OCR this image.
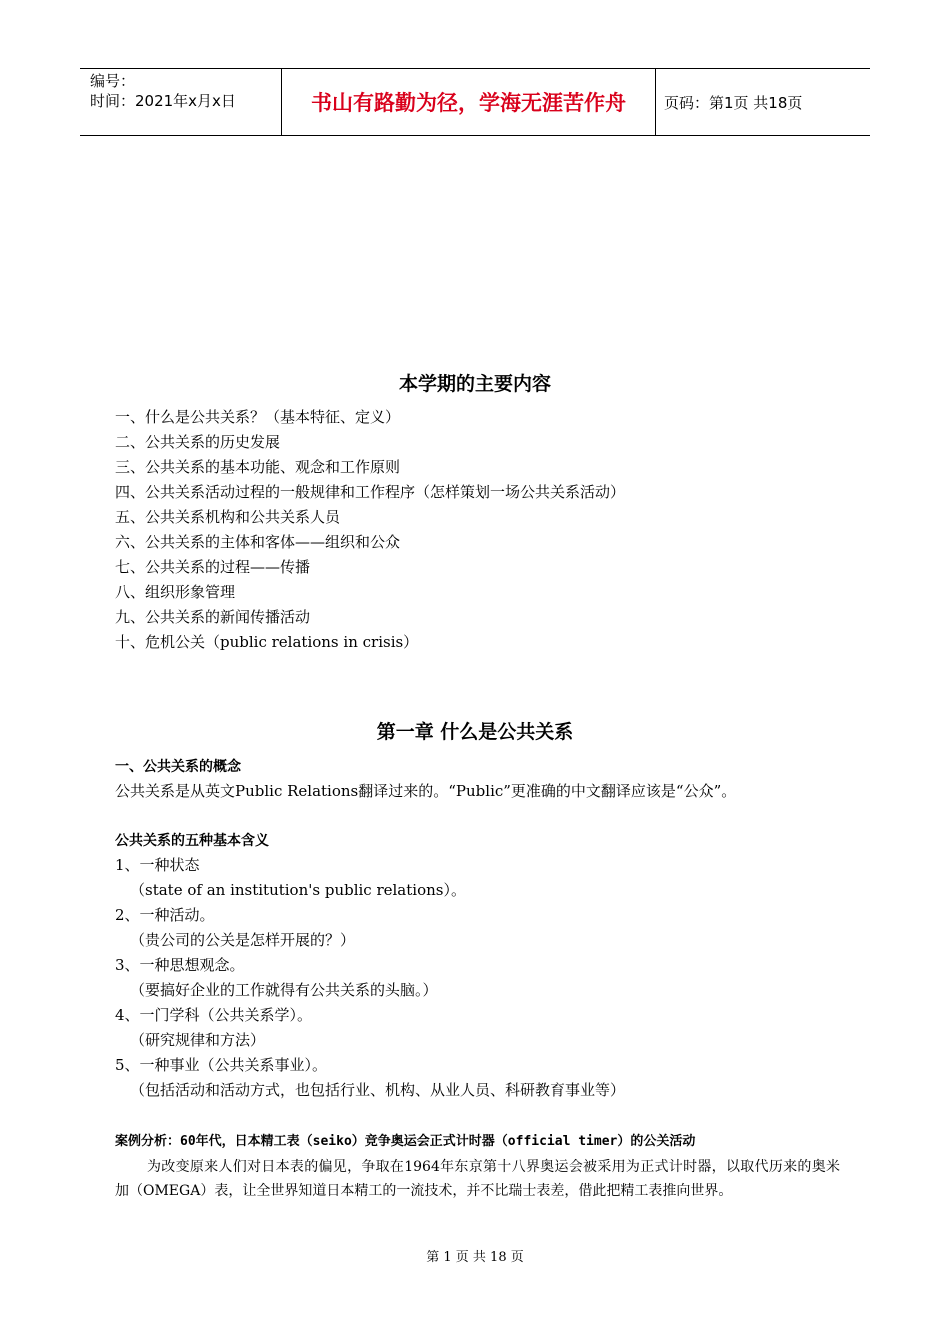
编号：
时间：2021年x月x日	书山有路勤为径，学海无涯苦作舟	页码：第1页 共18页
本学期的主要内容
一、什么是公共关系？（基本特征、定义）
二、公共关系的历史发展
三、公共关系的基本功能、观念和工作原则
四、公共关系活动过程的一般规律和工作程序（怎样策划一场公共关系活动）
五、公共关系机构和公共关系人员
六、公共关系的主体和客体——组织和公众
七、公共关系的过程——传播
八、组织形象管理
九、公共关系的新闻传播活动
十、危机公关（public relations in crisis）
第一章 什么是公共关系
一、公共关系的概念
公共关系是从英文Public Relations翻译过来的。“Public”更准确的中文翻译应该是“公众”。
公共关系的五种基本含义
1、一种状态
（state of an institution's public relations）。
2、一种活动。
（贵公司的公关是怎样开展的？）
3、一种思想观念。
（要搞好企业的工作就得有公共关系的头脑。）
4、一门学科（公共关系学）。
（研究规律和方法）
5、一种事业（公共关系事业）。
（包括活动和活动方式，也包括行业、机构、从业人员、科研教育事业等）
案例分析：60年代，日本精工表（seiko）竞争奥运会正式计时器（official timer）的公关活动
为改变原来人们对日本表的偏见，争取在1964年东京第十八界奥运会被采用为正式计时器，以取代历来的奥米加（OMEGA）表，让全世界知道日本精工的一流技术，并不比瑞士表差，借此把精工表推向世界。
第 1 页 共 18 页
